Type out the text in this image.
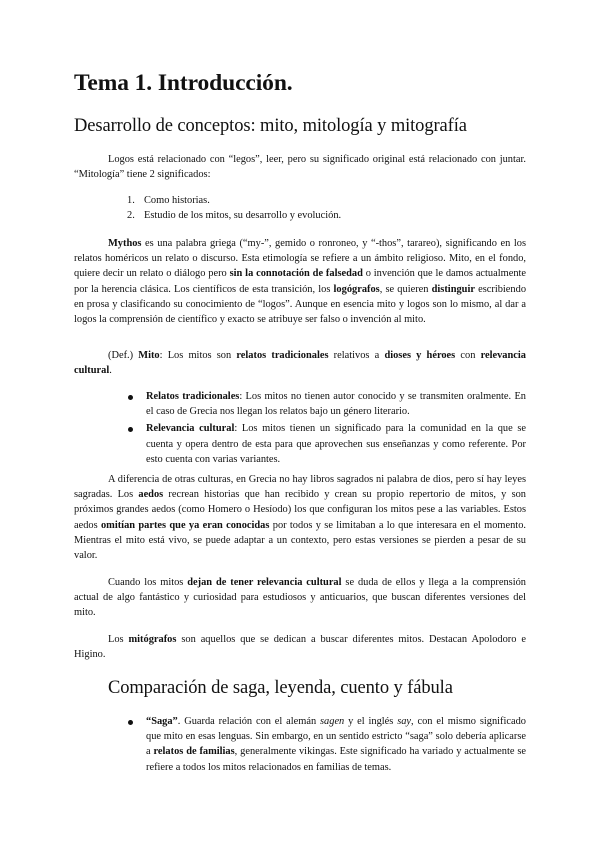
Tema 1. Introducción.
Desarrollo de conceptos: mito, mitología y mitografía

Logos está relacionado con “legos”, leer, pero su significado original está relacionado con juntar. “Mitología” tiene 2 significados:

1. Como historias.
2. Estudio de los mitos, su desarrollo y evolución.

Mythos es una palabra griega (“my-”, gemido o ronroneo, y “-thos”, tarareo), significando en los relatos homéricos un relato o discurso. Esta etimología se refiere a un ámbito religioso. Mito, en el fondo, quiere decir un relato o diálogo pero sin la connotación de falsedad o invención que le damos actualmente por la herencia clásica. Los científicos de esta transición, los logógrafos, se quieren distinguir escribiendo en prosa y clasificando su conocimiento de “logos”. Aunque en esencia mito y logos son lo mismo, al dar a logos la comprensión de científico y exacto se atribuye ser falso o invención al mito.

(Def.) Mito: Los mitos son relatos tradicionales relativos a dioses y héroes con relevancia cultural.

Relatos tradicionales: Los mitos no tienen autor conocido y se transmiten oralmente. En el caso de Grecia nos llegan los relatos bajo un género literario.
Relevancia cultural: Los mitos tienen un significado para la comunidad en la que se cuenta y opera dentro de esta para que aprovechen sus enseñanzas y como referente. Por esto cuenta con varias variantes.

A diferencia de otras culturas, en Grecia no hay libros sagrados ni palabra de dios, pero sí hay leyes sagradas. Los aedos recrean historias que han recibido y crean su propio repertorio de mitos, y son próximos grandes aedos (como Homero o Hesíodo) los que configuran los mitos pese a las variables. Estos aedos omitían partes que ya eran conocidas por todos y se limitaban a lo que interesara en el momento. Mientras el mito está vivo, se puede adaptar a un contexto, pero estas versiones se pierden a pesar de su valor.

Cuando los mitos dejan de tener relevancia cultural se duda de ellos y llega a la comprensión actual de algo fantástico y curiosidad para estudiosos y anticuarios, que buscan diferentes versiones del mito.

Los mitógrafos son aquellos que se dedican a buscar diferentes mitos. Destacan Apolodoro e Higino.

Comparación de saga, leyenda, cuento y fábula
“Saga”. Guarda relación con el alemán sagen y el inglés say, con el mismo significado que mito en esas lenguas. Sin embargo, en un sentido estricto “saga” solo debería aplicarse a relatos de familias, generalmente vikingas. Este significado ha variado y actualmente se refiere a todos los mitos relacionados en familias de temas.
